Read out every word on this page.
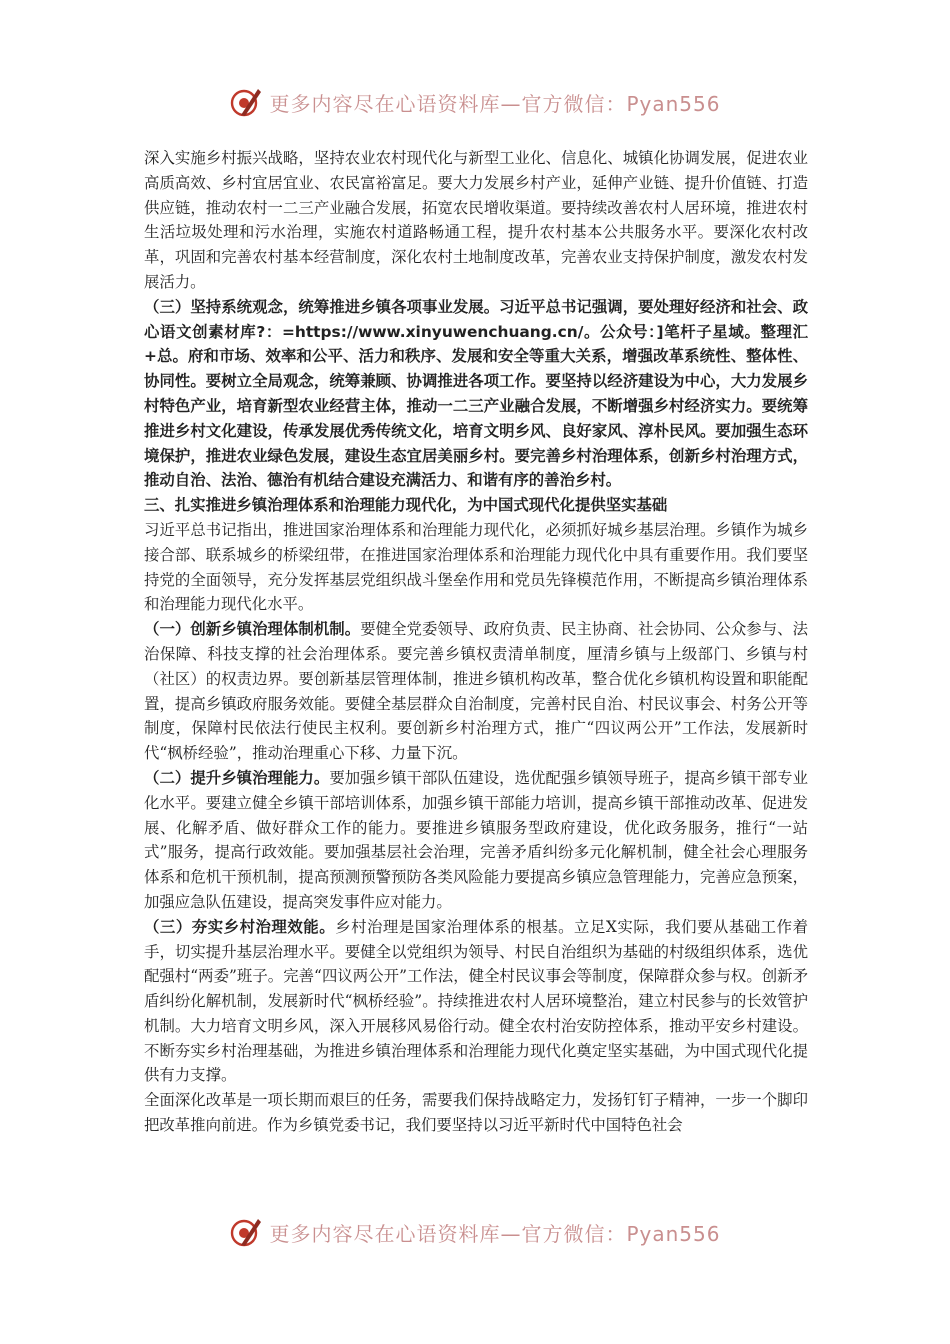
更多内容尽在心语资料库—官方微信：Pyan556

深入实施乡村振兴战略，坚持农业农村现代化与新型工业化、信息化、城镇化协调发展，促进农业高质高效、乡村宜居宜业、农民富裕富足。要大力发展乡村产业，延伸产业链、提升价值链、打造供应链，推动农村一二三产业融合发展，拓宽农民增收渠道。要持续改善农村人居环境，推进农村生活垃圾处理和污水治理，实施农村道路畅通工程，提升农村基本公共服务水平。要深化农村改革，巩固和完善农村基本经营制度，深化农村土地制度改革，完善农业支持保护制度，激发农村发展活力。

（三）坚持系统观念，统筹推进乡镇各项事业发展。习近平总书记强调，要处理好经济和社会、政心语文创素材库?：=https://www.xinyuwenchuang.cn/。公众号：]笔杆子星域。整理汇+总。府和市场、效率和公平、活力和秩序、发展和安全等重大关系，增强改革系统性、整体性、协同性。要树立全局观念，统筹兼顾、协调推进各项工作。要坚持以经济建设为中心，大力发展乡村特色产业，培育新型农业经营主体，推动一二三产业融合发展，不断增强乡村经济实力。要统筹推进乡村文化建设，传承发展优秀传统文化，培育文明乡风、良好家风、淳朴民风。要加强生态环境保护，推进农业绿色发展，建设生态宜居美丽乡村。要完善乡村治理体系，创新乡村治理方式，推动自治、法治、德治有机结合建设充满活力、和谐有序的善治乡村。

三、扎实推进乡镇治理体系和治理能力现代化，为中国式现代化提供坚实基础

习近平总书记指出，推进国家治理体系和治理能力现代化，必须抓好城乡基层治理。乡镇作为城乡接合部、联系城乡的桥梁纽带，在推进国家治理体系和治理能力现代化中具有重要作用。我们要坚持党的全面领导，充分发挥基层党组织战斗堡垒作用和党员先锋模范作用，不断提高乡镇治理体系和治理能力现代化水平。

（一）创新乡镇治理体制机制。要健全党委领导、政府负责、民主协商、社会协同、公众参与、法治保障、科技支撑的社会治理体系。要完善乡镇权责清单制度，厘清乡镇与上级部门、乡镇与村（社区）的权责边界。要创新基层管理体制，推进乡镇机构改革，整合优化乡镇机构设置和职能配置，提高乡镇政府服务效能。要健全基层群众自治制度，完善村民自治、村民议事会、村务公开等制度，保障村民依法行使民主权利。要创新乡村治理方式，推广“四议两公开”工作法，发展新时代“枫桥经验”，推动治理重心下移、力量下沉。

（二）提升乡镇治理能力。要加强乡镇干部队伍建设，选优配强乡镇领导班子，提高乡镇干部专业化水平。要建立健全乡镇干部培训体系，加强乡镇干部能力培训，提高乡镇干部推动改革、促进发展、化解矛盾、做好群众工作的能力。要推进乡镇服务型政府建设，优化政务服务，推行“一站式”服务，提高行政效能。要加强基层社会治理，完善矛盾纠纷多元化解机制，健全社会心理服务体系和危机干预机制，提高预测预警预防各类风险能力要提高乡镇应急管理能力，完善应急预案，加强应急队伍建设，提高突发事件应对能力。

（三）夯实乡村治理效能。乡村治理是国家治理体系的根基。立足X实际，我们要从基础工作着手，切实提升基层治理水平。要健全以党组织为领导、村民自治组织为基础的村级组织体系，选优配强村“两委”班子。完善“四议两公开”工作法，健全村民议事会等制度，保障群众参与权。创新矛盾纠纷化解机制，发展新时代“枫桥经验”。持续推进农村人居环境整治，建立村民参与的长效管护机制。大力培育文明乡风，深入开展移风易俗行动。健全农村治安防控体系，推动平安乡村建设。不断夯实乡村治理基础，为推进乡镇治理体系和治理能力现代化奠定坚实基础，为中国式现代化提供有力支撑。

全面深化改革是一项长期而艰巨的任务，需要我们保持战略定力，发扬钉钉子精神，一步一个脚印把改革推向前进。作为乡镇党委书记，我们要坚持以习近平新时代中国特色社会

更多内容尽在心语资料库—官方微信：Pyan556
